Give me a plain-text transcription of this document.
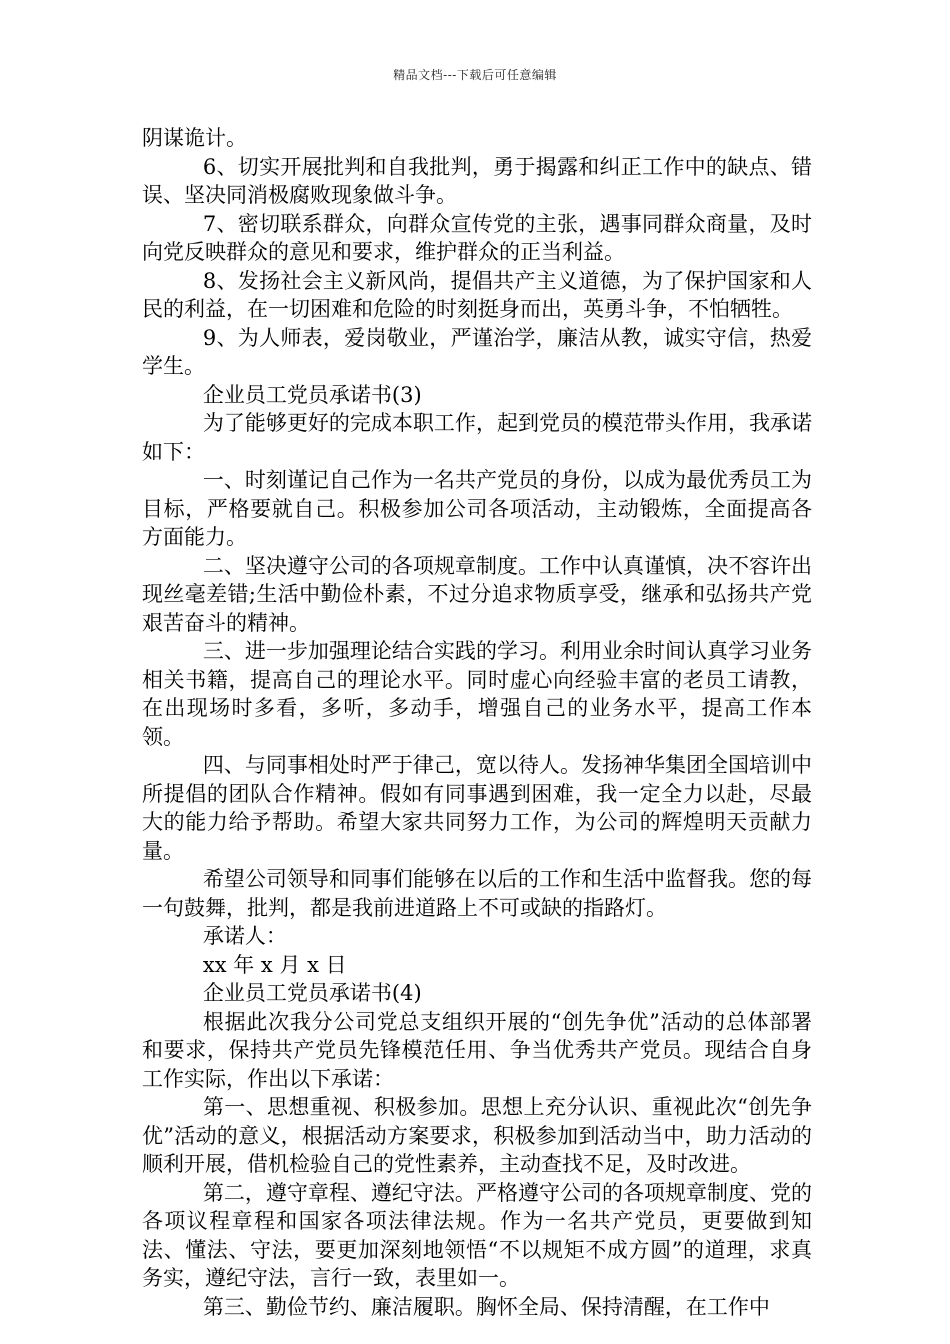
精品文档---下载后可任意编辑

阴谋诡计。

6、切实开展批判和自我批判，勇于揭露和纠正工作中的缺点、错误、坚决同消极腐败现象做斗争。

7、密切联系群众，向群众宣传党的主张，遇事同群众商量，及时向党反映群众的意见和要求，维护群众的正当利益。

8、发扬社会主义新风尚，提倡共产主义道德，为了保护国家和人民的利益，在一切困难和危险的时刻挺身而出，英勇斗争，不怕牺牲。

9、为人师表，爱岗敬业，严谨治学，廉洁从教，诚实守信，热爱学生。

企业员工党员承诺书(3)

为了能够更好的完成本职工作，起到党员的模范带头作用，我承诺如下：

一、时刻谨记自己作为一名共产党员的身份，以成为最优秀员工为目标，严格要就自己。积极参加公司各项活动，主动锻炼，全面提高各方面能力。

二、坚决遵守公司的各项规章制度。工作中认真谨慎，决不容许出现丝毫差错;生活中勤俭朴素，不过分追求物质享受，继承和弘扬共产党艰苦奋斗的精神。

三、进一步加强理论结合实践的学习。利用业余时间认真学习业务相关书籍，提高自己的理论水平。同时虚心向经验丰富的老员工请教，在出现场时多看，多听，多动手，增强自己的业务水平，提高工作本领。

四、与同事相处时严于律己，宽以待人。发扬神华集团全国培训中所提倡的团队合作精神。假如有同事遇到困难，我一定全力以赴，尽最大的能力给予帮助。希望大家共同努力工作，为公司的辉煌明天贡献力量。

希望公司领导和同事们能够在以后的工作和生活中监督我。您的每一句鼓舞，批判，都是我前进道路上不可或缺的指路灯。

承诺人：

xx 年 x 月 x 日

企业员工党员承诺书(4)

根据此次我分公司党总支组织开展的“创先争优”活动的总体部署和要求，保持共产党员先锋模范任用、争当优秀共产党员。现结合自身工作实际，作出以下承诺：

第一、思想重视、积极参加。思想上充分认识、重视此次“创先争优”活动的意义，根据活动方案要求，积极参加到活动当中，助力活动的顺利开展，借机检验自己的党性素养，主动查找不足，及时改进。

第二，遵守章程、遵纪守法。严格遵守公司的各项规章制度、党的各项议程章程和国家各项法律法规。作为一名共产党员，更要做到知法、懂法、守法，要更加深刻地领悟“不以规矩不成方圆”的道理，求真务实，遵纪守法，言行一致，表里如一。

第三、勤俭节约、廉洁履职。胸怀全局、保持清醒，在工作中
